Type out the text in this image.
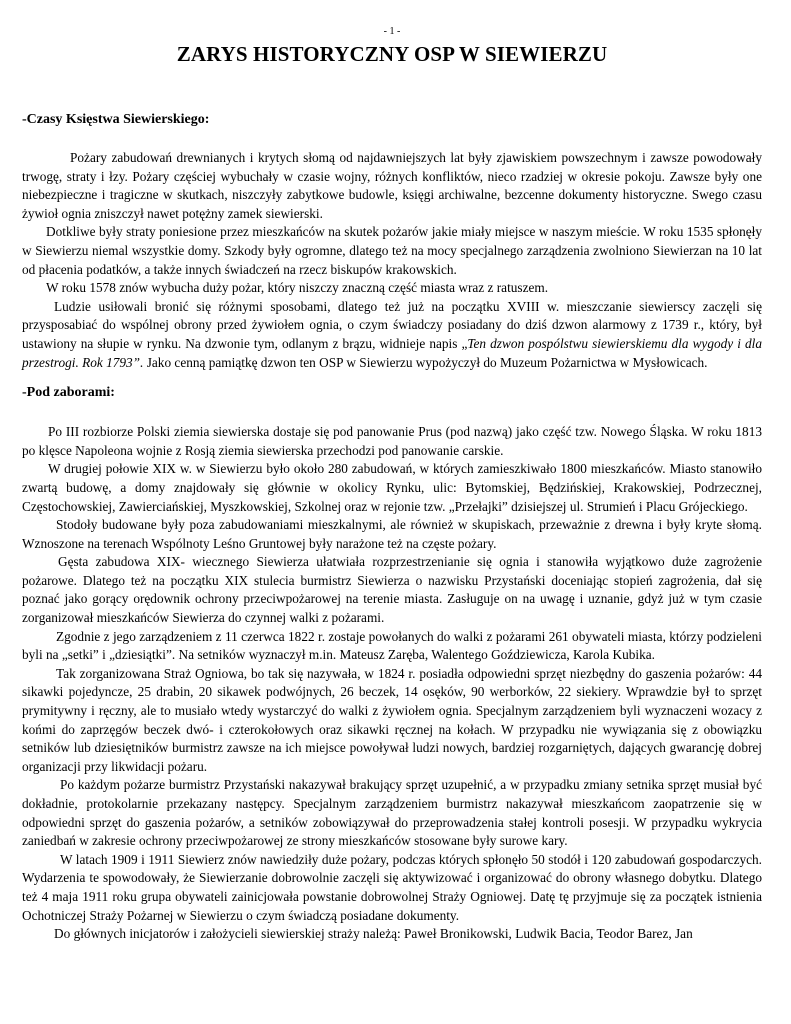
- 1 -
ZARYS HISTORYCZNY OSP W SIEWIERZU
-Czasy Księstwa Siewierskiego:

Pożary zabudowań drewnianych i krytych słomą od najdawniejszych lat były zjawiskiem powszechnym i zawsze powodowały trwogę, straty i łzy. Pożary częściej wybuchały w czasie wojny, różnych konfliktów, nieco rzadziej w okresie pokoju. Zawsze były one niebezpieczne i tragiczne w skutkach, niszczyły zabytkowe budowle, księgi archiwalne, bezcenne dokumenty historyczne. Swego czasu żywioł ognia zniszczył nawet potężny zamek siewierski.

Dotkliwe były straty poniesione przez mieszkańców na skutek pożarów jakie miały miejsce w naszym mieście. W roku 1535 spłonęły w Siewierzu niemal wszystkie domy. Szkody były ogromne, dlatego też na mocy specjalnego zarządzenia zwolniono Siewierzan na 10 lat od płacenia podatków, a także innych świadczeń na rzecz biskupów krakowskich.

W roku 1578 znów wybucha duży pożar, który niszczy znaczną część miasta wraz z ratuszem.

Ludzie usiłowali bronić się różnymi sposobami, dlatego też już na początku XVIII w. mieszczanie siewierscy zaczęli się przysposabiać do wspólnej obrony przed żywiołem ognia, o czym świadczy posiadany do dziś dzwon alarmowy z 1739 r., który, był ustawiony na słupie w rynku. Na dzwonie tym, odlanym z brązu, widnieje napis „Ten dzwon pospólstwu siewierskiemu dla wygody i dla przestrogi. Rok 1793”. Jako cenną pamiątkę dzwon ten OSP w Siewierzu wypożyczył do Muzeum Pożarnictwa w Mysłowicach.

-Pod zaborami:

Po III rozbiorze Polski ziemia siewierska dostaje się pod panowanie Prus (pod nazwą) jako część tzw. Nowego Śląska. W roku 1813 po klęsce Napoleona wojnie z Rosją ziemia siewierska przechodzi pod panowanie carskie.

W drugiej połowie XIX w. w Siewierzu było około 280 zabudowań, w których zamieszkiwało 1800 mieszkańców. Miasto stanowiło zwartą budowę, a domy znajdowały się głównie w okolicy Rynku, ulic: Bytomskiej, Będzińskiej, Krakowskiej, Podrzecznej, Częstochowskiej, Zawierciańskiej, Myszkowskiej, Szkolnej oraz w rejonie tzw. „Przełajki” dzisiejszej ul. Strumień i Placu Grójeckiego.

Stodoły budowane były poza zabudowaniami mieszkalnymi, ale również w skupiskach, przeważnie z drewna i były kryte słomą. Wznoszone na terenach Wspólnoty Leśno Gruntowej były narażone też na częste pożary.

Gęsta zabudowa XIX- wiecznego Siewierza ułatwiała rozprzestrzenianie się ognia i stanowiła wyjątkowo duże zagrożenie pożarowe. Dlatego też na początku XIX stulecia burmistrz Siewierza o nazwisku Przystański doceniając stopień zagrożenia, dał się poznać jako gorący orędownik ochrony przeciwpożarowej na terenie miasta. Zasługuje on na uwagę i uznanie, gdyż już w tym czasie zorganizował mieszkańców Siewierza do czynnej walki z pożarami.

Zgodnie z jego zarządzeniem z 11 czerwca 1822 r. zostaje powołanych do walki z pożarami 261 obywateli miasta, którzy podzieleni byli na „setki” i „dziesiątki”. Na setników wyznaczył m.in. Mateusz Zaręba, Walentego Goździewicza, Karola Kubika.

Tak zorganizowana Straż Ogniowa, bo tak się nazywała, w 1824 r. posiadła odpowiedni sprzęt niezbędny do gaszenia pożarów: 44 sikawki pojedyncze, 25 drabin, 20 sikawek podwójnych, 26 beczek, 14 osęków, 90 werborków, 22 siekiery. Wprawdzie był to sprzęt prymitywny i ręczny, ale to musiało wtedy wystarczyć do walki z żywiołem ognia. Specjalnym zarządzeniem byli wyznaczeni wozacy z końmi do zaprzęgów beczek dwó- i czterokołowych oraz sikawki ręcznej na kołach. W przypadku nie wywiązania się z obowiązku setników lub dziesiętników burmistrz zawsze na ich miejsce powoływał ludzi nowych, bardziej rozgarniętych, dających gwarancję dobrej organizacji przy likwidacji pożaru.

Po każdym pożarze burmistrz Przystański nakazywał brakujący sprzęt uzupełnić, a w przypadku zmiany setnika sprzęt musiał być dokładnie, protokolarnie przekazany następcy. Specjalnym zarządzeniem burmistrz nakazywał mieszkańcom zaopatrzenie się w odpowiedni sprzęt do gaszenia pożarów, a setników zobowiązywał do przeprowadzenia stałej kontroli posesji. W przypadku wykrycia zaniedbań w zakresie ochrony przeciwpożarowej ze strony mieszkańców stosowane były surowe kary.

W latach 1909 i 1911 Siewierz znów nawiedziły duże pożary, podczas których spłonęło 50 stodół i 120 zabudowań gospodarczych. Wydarzenia te spowodowały, że Siewierzanie dobrowolnie zaczęli się aktywizować i organizować do obrony własnego dobytku. Dlatego też 4 maja 1911 roku grupa obywateli zainicjowała powstanie dobrowolnej Straży Ogniowej. Datę tę przyjmuje się za początek istnienia Ochotniczej Straży Pożarnej w Siewierzu o czym świadczą posiadane dokumenty.

Do głównych inicjatorów i założycieli siewierskiej straży należą: Paweł Bronikowski, Ludwik Bacia, Teodor Barez, Jan
